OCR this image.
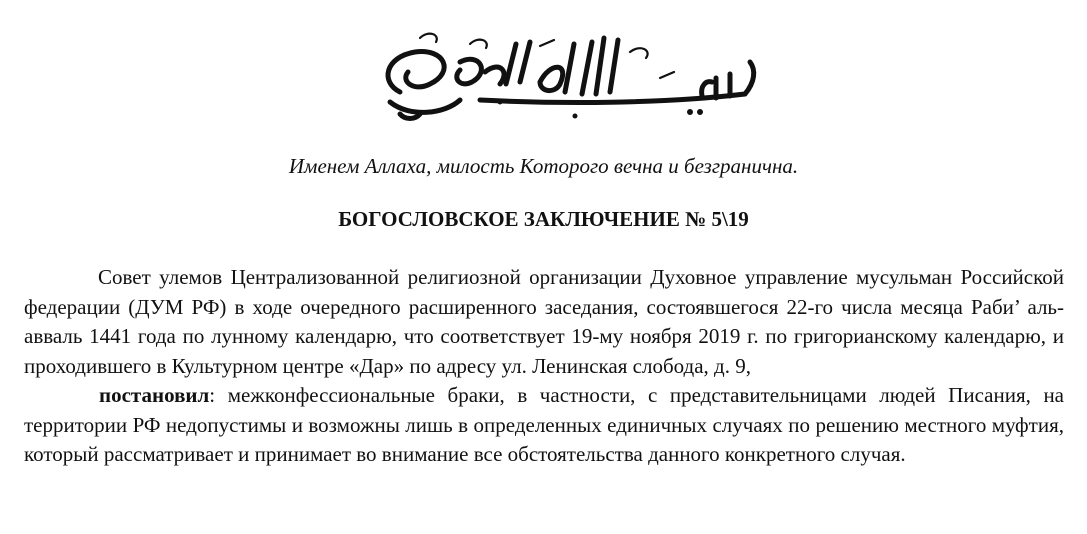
Именем Аллаха, милость Которого вечна и безгранична.

БОГОСЛОВСКОЕ ЗАКЛЮЧЕНИЕ № 5\19

Совет улемов Централизованной религиозной организации Духовное управление мусульман Российской федерации (ДУМ РФ) в ходе очередного расширенного заседания, состоявшегося 22-го числа месяца Раби’ аль-авваль 1441 года по лунному календарю, что соответствует 19-му ноября 2019 г. по григорианскому календарю, и проходившего в Культурном центре «Дар» по адресу ул. Ленинская слобода, д. 9,

постановил: межконфессиональные браки, в частности, с представительницами людей Писания, на территории РФ недопустимы и возможны лишь в определенных единичных случаях по решению местного муфтия, который рассматривает и принимает во внимание все обстоятельства данного конкретного случая.
